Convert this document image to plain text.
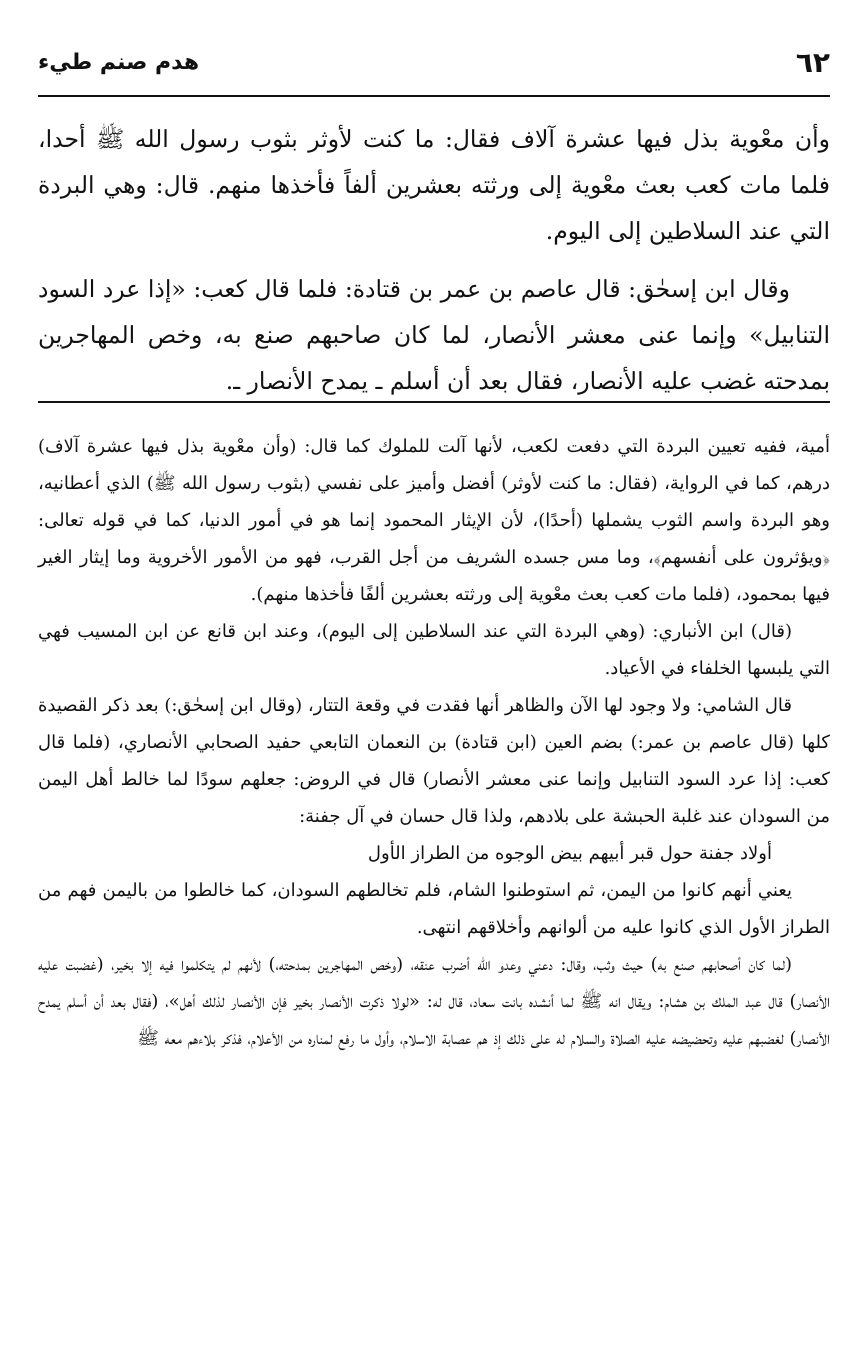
٦٢
هدم صنم طيء

وأن معْوية بذل فيها عشرة آلاف فقال: ما كنت لأوثر بثوب رسول الله ﷺ أحدا، فلما مات كعب بعث معْوية إلى ورثته بعشرين ألفاً فأخذها منهم. قال: وهي البردة التي عند السلاطين إلى اليوم.

وقال ابن إسحٰق: قال عاصم بن عمر بن قتادة: فلما قال كعب: «إذا عرد السود التنابيل» وإنما عنى معشر الأنصار، لما كان صاحبهم صنع به، وخص المهاجرين بمدحته غضب عليه الأنصار، فقال بعد أن أسلم ـ يمدح الأنصار ـ.

أمية، ففيه تعيين البردة التي دفعت لكعب، لأنها آلت للملوك كما قال: (وأن معْوية بذل فيها عشرة آلاف) درهم، كما في الرواية، (فقال: ما كنت لأوثر) أفضل وأميز على نفسي (بثوب رسول الله ﷺ) الذي أعطانيه، وهو البردة واسم الثوب يشملها (أحدًا)، لأن الإيثار المحمود إنما هو في أمور الدنيا، كما في قوله تعالى: ﴿ويؤثرون على أنفسهم﴾، وما مس جسده الشريف من أجل القرب، فهو من الأمور الأخروية وما إيثار الغير فيها بمحمود، (فلما مات كعب بعث معْوية إلى ورثته بعشرين ألفًا فأخذها منهم).

(قال) ابن الأنباري: (وهي البردة التي عند السلاطين إلى اليوم)، وعند ابن قانع عن ابن المسيب فهي التي يلبسها الخلفاء في الأعياد.

قال الشامي: ولا وجود لها الآن والظاهر أنها فقدت في وقعة التتار، (وقال ابن إسحٰق:) بعد ذكر القصيدة كلها (قال عاصم بن عمر:) بضم العين (ابن قتادة) بن النعمان التابعي حفيد الصحابي الأنصاري، (فلما قال كعب: إذا عرد السود التنابيل وإنما عنى معشر الأنصار) قال في الروض: جعلهم سودًا لما خالط أهل اليمن من السودان عند غلبة الحبشة على بلادهم، ولذا قال حسان في آل جفنة:

أولاد جفنة حول قبر أبيهم بيض الوجوه من الطراز الأول

يعني أنهم كانوا من اليمن، ثم استوطنوا الشام، فلم تخالطهم السودان، كما خالطوا من باليمن فهم من الطراز الأول الذي كانوا عليه من ألوانهم وأخلاقهم انتهى.

(لما كان أصحابهم صنع به) حيث وثب، وقال: دعني وعدو الله أضرب عنقه، (وخص المهاجرين بمدحته،) لأنهم لم يتكلموا فيه إلا بخير، (غضبت عليه الأنصار) قال عبد الملك بن هشام: ويقال انه ﷺ لما أنشده بانت سعاد، قال له: «لولا ذكرت الأنصار بخير فإن الأنصار لذلك أهل»، (فقال بعد أن أسلم يمدح الأنصار) لغضبهم عليه وتحضيضه عليه الصلاة والسلام له على ذلك إذ هم عصابة الاسلام، وأول ما رفع لمناره من الأعلام، فذكر بلاءهم معه ﷺ
